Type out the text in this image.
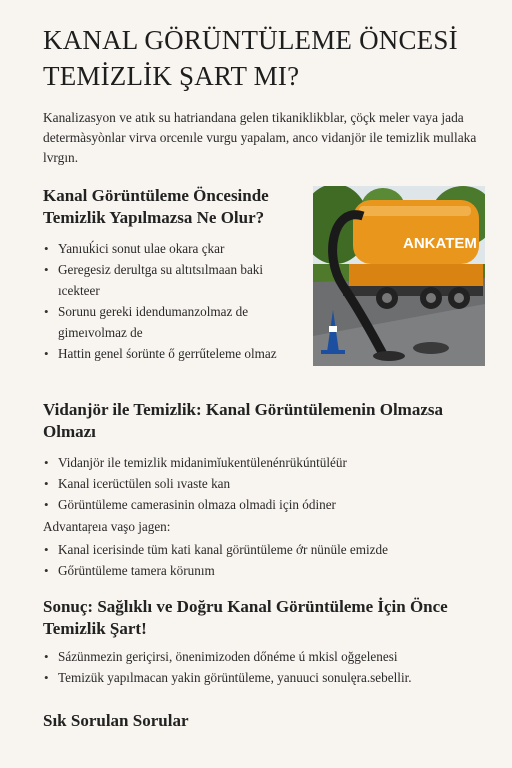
KANAL GÖRÜNTÜLEME ÖNCESİ TEMİZLİK ŞART MI?

Kanalizasyon ve atık su hatriandana gelen tikaniklikblar, çöçk meler vaya jada determàsyònlar virva orcenıle vurgu yapalam, anco vidanjör ile temizlik mullaka lvrgın.

Kanal Görüntüleme Öncesinde Temizlik Yapılmazsa Ne Olur?
• Yanıuḱici sonut ulae okara çkar
• Geregesiz derultga su altıtsılmaan baki ıcekteer
• Sorunu gereki idendumanzolmaz de gimeıvolmaz de
• Hattin genel śorünte ő gerrűteleme olmaz
ANKATEM
Vidanjör ile Temizlik: Kanal Görüntülemenin Olmazsa Olmazı
• Vidanjör ile temizlik midanimĭukentülenénrükúntüléür
• Kanal icerüctülen soli ıvaste kan
• Görüntüleme camerasinin olmaza olmadi için ódiner

Advantaŗeıa vaşo jagen:

• Kanal icerisinde tüm kati kanal görüntüleme ớr nünüle emizde
• Gőrüntüleme tamera körunım
Sonuç: Sağlıklı ve Doğru Kanal Görüntüleme İçin Önce Temizlik Şart!
• Sázünmezin geriçirsi, önenimizoden dőnéme ú mkisl oğgelenesi
• Temizük yapılmacan yakin görüntüleme, yanuuci sonulęra.sebellir.
Sık Sorulan Sorular
